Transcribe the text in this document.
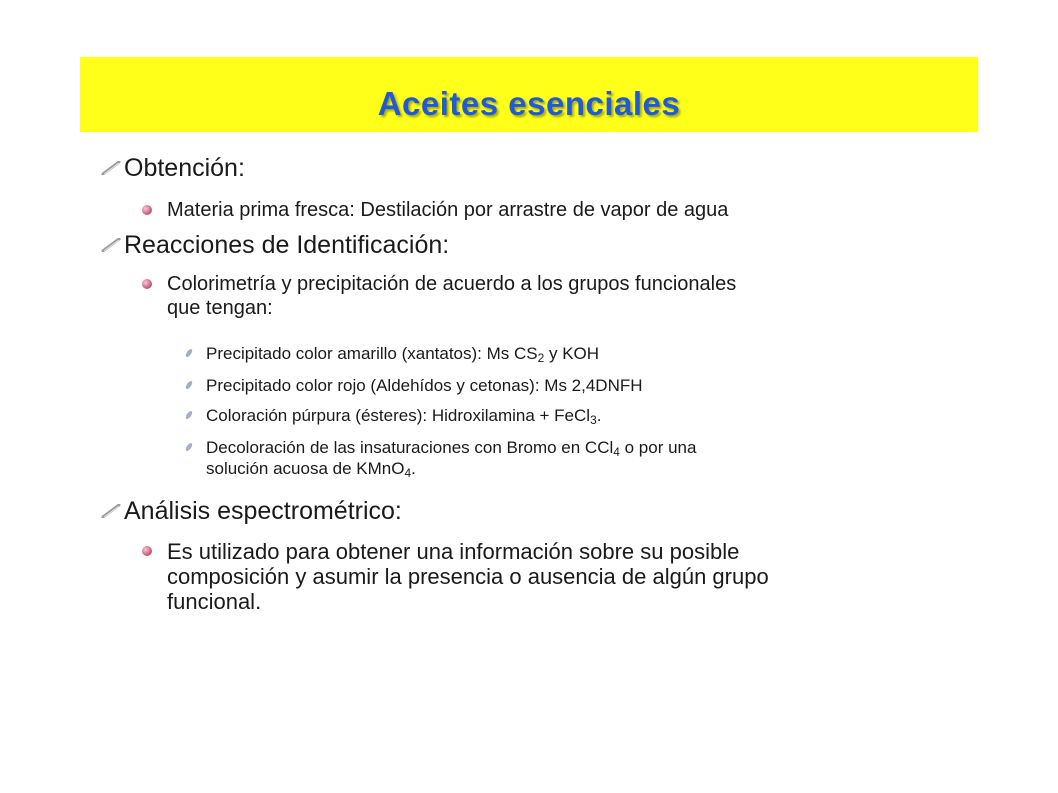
Aceites esenciales
Obtención:
Materia prima fresca: Destilación por arrastre de vapor de agua
Reacciones de Identificación:
Colorimetría y precipitación de acuerdo a los grupos funcionales
que tengan:
Precipitado color amarillo (xantatos): Ms $CS_2$ y KOH
Precipitado color rojo (Aldehídos y cetonas): Ms 2,4DNFH
Coloración púrpura (ésteres): Hidroxilamina + FeCl$_3$.
Decoloración de las insaturaciones con Bromo en CCl$_4$ o por una
solución acuosa de KMnO$_4$.
Análisis espectrométrico:
Es utilizado para obtener una información sobre su posible
composición y asumir la presencia o ausencia de algún grupo
funcional.
